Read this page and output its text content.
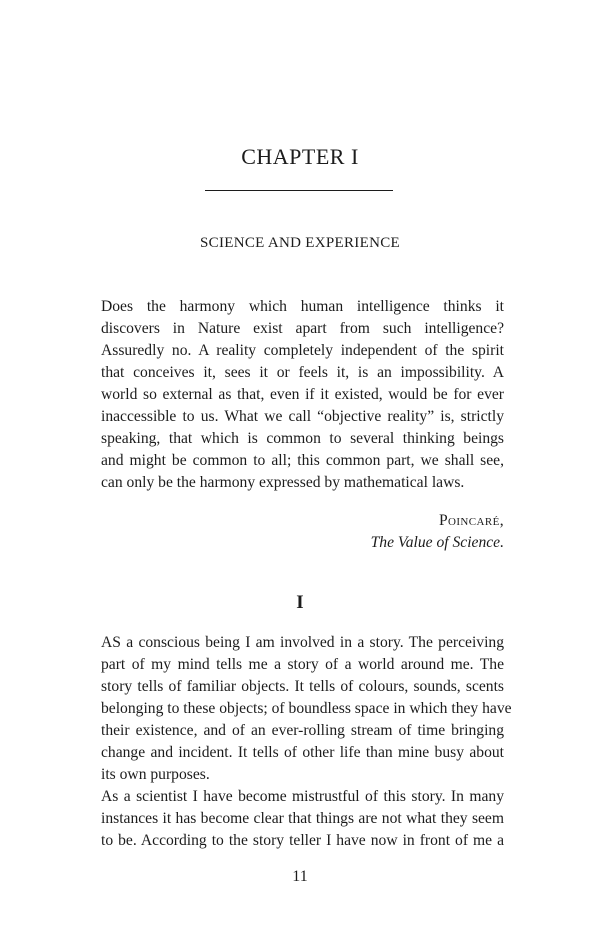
CHAPTER I
SCIENCE AND EXPERIENCE
Does the harmony which human intelligence thinks it
discovers in Nature exist apart from such intelligence?
Assuredly no. A reality completely independent of the spirit
that conceives it, sees it or feels it, is an impossibility. A
world so external as that, even if it existed, would be for ever
inaccessible to us. What we call “objective reality” is, strictly
speaking, that which is common to several thinking beings
and might be common to all; this common part, we shall see,
can only be the harmony expressed by mathematical laws.
Poincaré,
The Value of Science.
I
AS a conscious being I am involved in a story. The perceiving
part of my mind tells me a story of a world around me. The
story tells of familiar objects. It tells of colours, sounds, scents
belonging to these objects; of boundless space in which they have
their existence, and of an ever-rolling stream of time bringing
change and incident. It tells of other life than mine busy about
its own purposes.
As a scientist I have become mistrustful of this story. In many
instances it has become clear that things are not what they seem
to be. According to the story teller I have now in front of me a
11
